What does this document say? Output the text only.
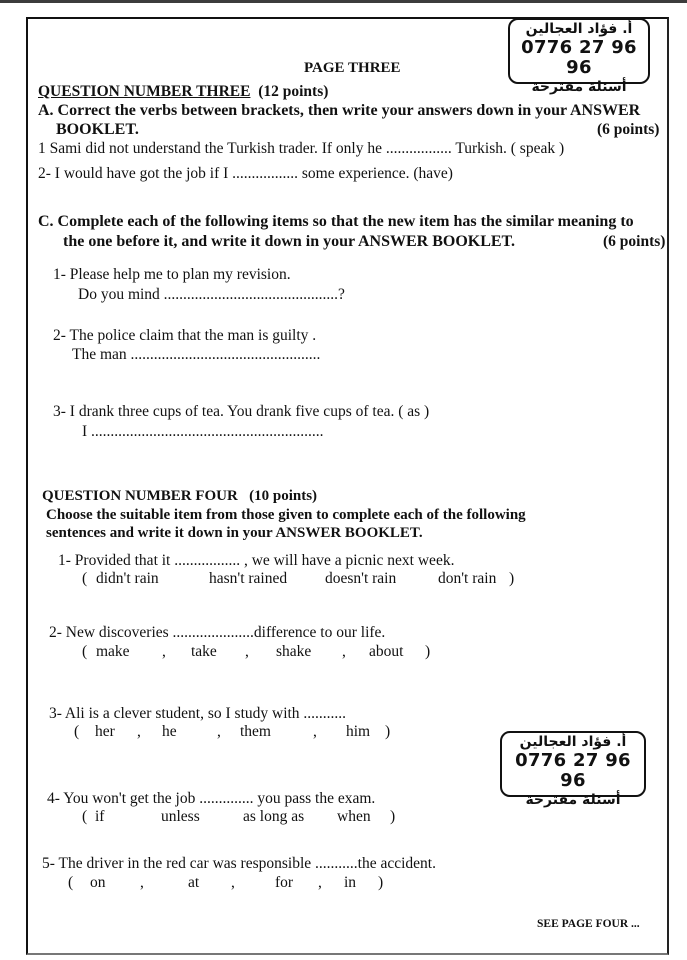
أ. فؤاد العجالين
0776 27 96 96
أسئلة مقترحة
PAGE THREE
QUESTION NUMBER THREE (12 points)
A. Correct the verbs between brackets, then write your answers down in your ANSWER
BOOKLET.	(6 points)
1 Sami did not understand the Turkish trader. If only he ................. Turkish. ( speak )
2- I would have got the job if I ................. some experience. (have)
C. Complete each of the following items so that the new item has the similar meaning to
the one before it, and write it down in your ANSWER BOOKLET.	(6 points)
1- Please help me to plan my revision.
Do you mind .............................................?
2- The police claim that the man is guilty .
The man .................................................
3- I drank three cups of tea. You drank five cups of tea. ( as )
I ............................................................
QUESTION NUMBER FOUR (10 points)
Choose the suitable item from those given to complete each of the following
sentences and write it down in your ANSWER BOOKLET.
1- Provided that it ................. , we will have a picnic next week.
( didn't rain	hasn't rained doesn't rain	don't rain )
2- New discoveries .....................difference to our life.
( make , take , shake , about )
3- Ali is a clever student, so I study with ...........
( her , he	, them	, him )
أ. فؤاد العجالين
0776 27 96 96
أسئلة مقترحة
4- You won't get the job .............. you pass the exam.
( if	unless	as long as when )
5- The driver in the red car was responsible ...........the accident.
( on ,	at ,	for , in )
SEE PAGE FOUR ...
